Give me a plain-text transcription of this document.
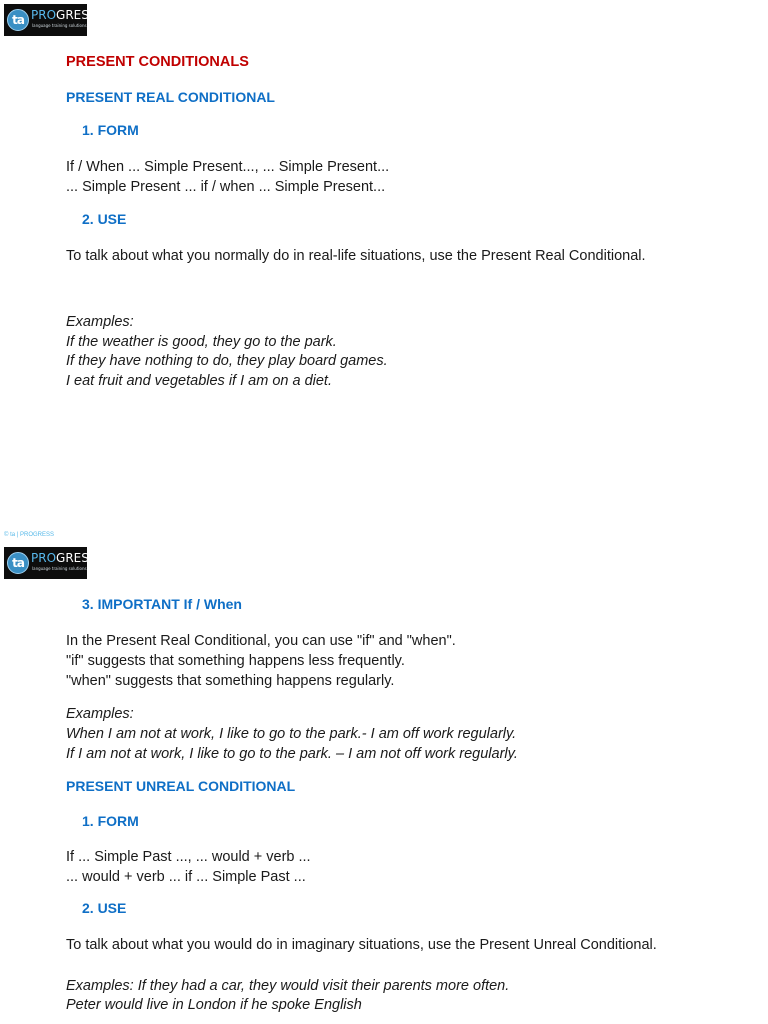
ta PROGRESS
language training solutions
PRESENT CONDITIONALS
PRESENT REAL CONDITIONAL
1. FORM
If / When ... Simple Present..., ... Simple Present...
... Simple Present ... if / when ... Simple Present...
2. USE
To talk about what you normally do in real-life situations, use the Present Real Conditional.
Examples:
If the weather is good, they go to the park.
If they have nothing to do, they play board games.
I eat fruit and vegetables if I am on a diet.
© ta | PROGRESS
ta PROGRESS
language training solutions
3. IMPORTANT If / When
In the Present Real Conditional, you can use "if" and "when".
"if" suggests that something happens less frequently.
"when" suggests that something happens regularly.
Examples:
When I am not at work, I like to go to the park.- I am off work regularly.
If I am not at work, I like to go to the park. – I am not off work regularly.
PRESENT UNREAL CONDITIONAL
1. FORM
If ... Simple Past ..., ... would + verb ...
... would + verb ... if ... Simple Past ...
2. USE
To talk about what you would do in imaginary situations, use the Present Unreal Conditional.
Examples: If they had a car, they would visit their parents more often.
Peter would live in London if he spoke English
